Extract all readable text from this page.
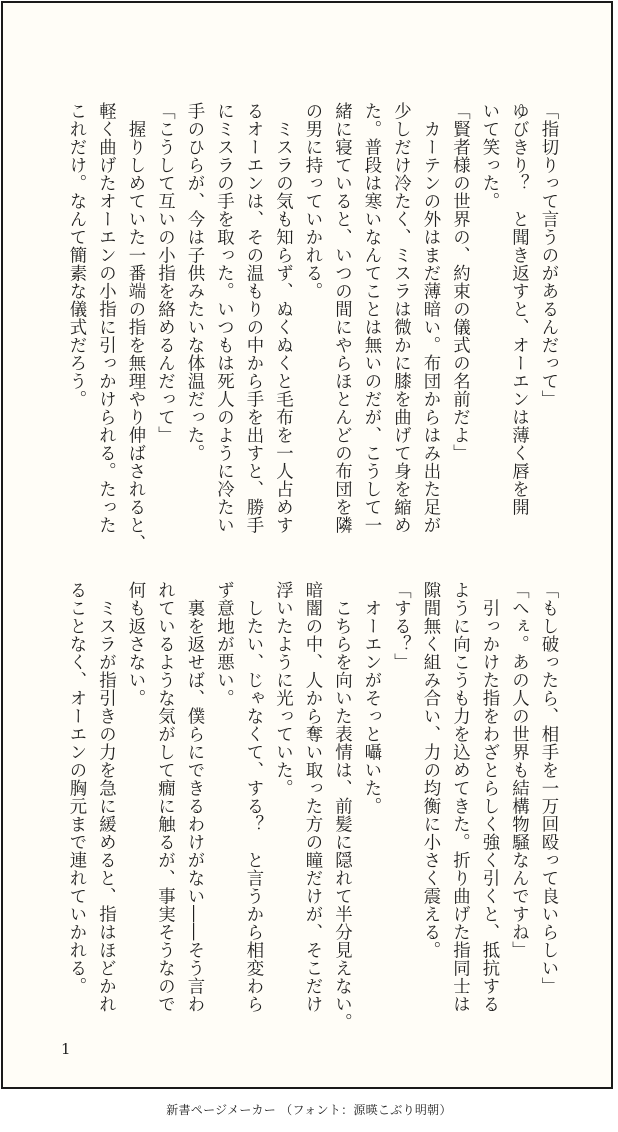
「指切りって言うのがあるんだって」
ゆびきり？　と聞き返すと、オーエンは薄く唇を開
いて笑った。
「賢者様の世界の、約束の儀式の名前だよ」
　カーテンの外はまだ薄暗い。布団からはみ出た足が
少しだけ冷たく、ミスラは微かに膝を曲げて身を縮め
た。普段は寒いなんてことは無いのだが、こうして一
緒に寝ていると、いつの間にやらほとんどの布団を隣
の男に持っていかれる。
　ミスラの気も知らず、ぬくぬくと毛布を一人占めす
るオーエンは、その温もりの中から手を出すと、勝手
にミスラの手を取った。いつもは死人のように冷たい
手のひらが、今は子供みたいな体温だった。
「こうして互いの小指を絡めるんだって」
　握りしめていた一番端の指を無理やり伸ばされると、
軽く曲げたオーエンの小指に引っかけられる。たった
これだけ。なんて簡素な儀式だろう。
「もし破ったら、相手を一万回殴って良いらしい」
「へぇ。あの人の世界も結構物騒なんですね」
　引っかけた指をわざとらしく強く引くと、抵抗する
ように向こうも力を込めてきた。折り曲げた指同士は
隙間無く組み合い、力の均衡に小さく震える。
「する？」
　オーエンがそっと囁いた。
　こちらを向いた表情は、前髪に隠れて半分見えない。
暗闇の中、人から奪い取った方の瞳だけが、そこだけ
浮いたように光っていた。
　したい、じゃなくて、する？　と言うから相変わら
ず意地が悪い。
　裏を返せば、僕らにできるわけがない――そう言わ
れているような気がして癇に触るが、事実そうなので
何も返さない。
　ミスラが指引きの力を急に緩めると、指はほどかれ
ることなく、オーエンの胸元まで連れていかれる。
1
新書ページメーカー （フォント：源暎こぶり明朝）
